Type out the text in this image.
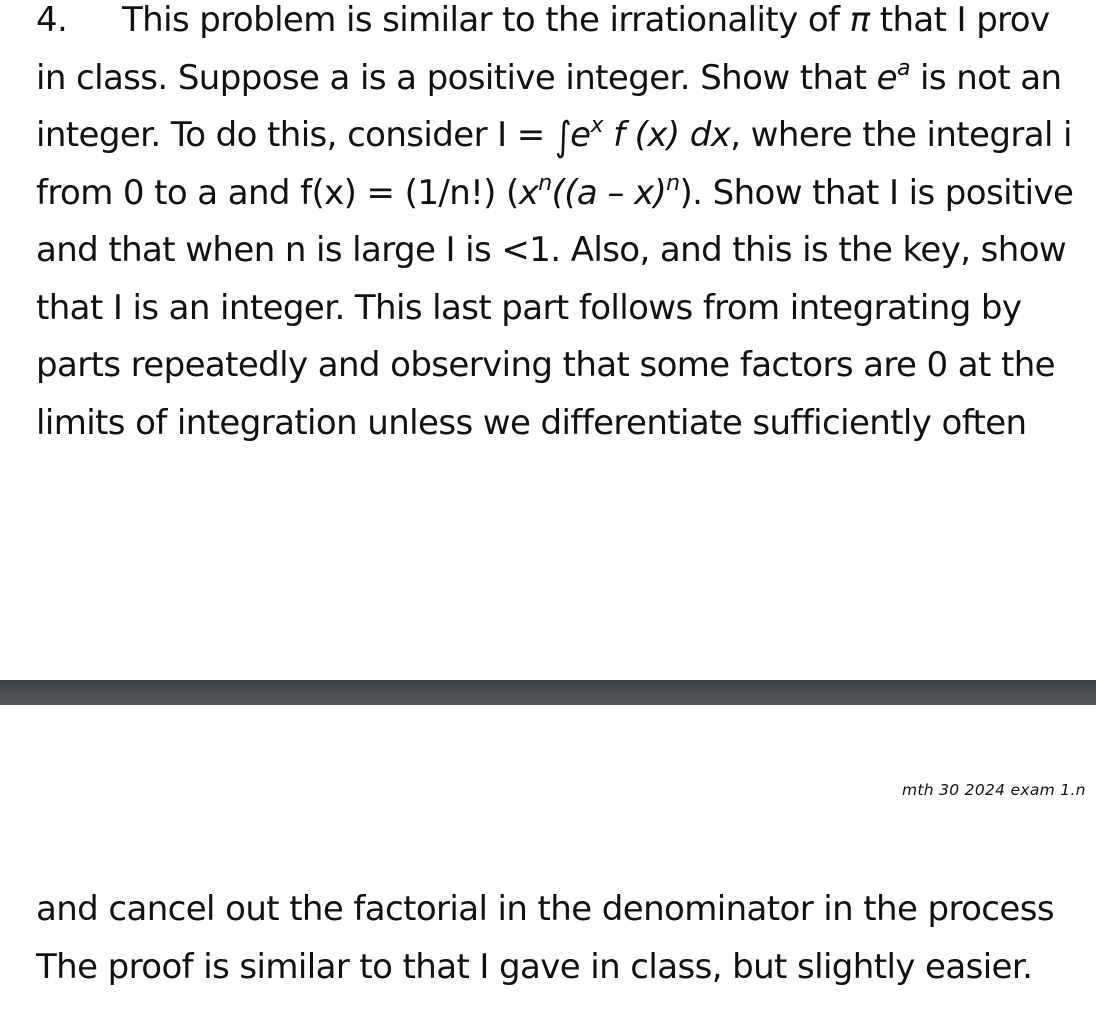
4. This problem is similar to the irrationality of π that I prov
in class. Suppose a is a positive integer. Show that $e^a$ is not an
integer. To do this, consider $I = \int e^x$ f (x) dx, where the integral i
from 0 to a and f(x) = (1/n!) ($x^n((a - x)^n)$. Show that I is positive
and that when n is large I is <1. Also, and this is the key, show
that I is an integer. This last part follows from integrating by
parts repeatedly and observing that some factors are 0 at the
limits of integration unless we differentiate sufficiently often
mth 30 2024 exam 1.n
and cancel out the factorial in the denominator in the process
The proof is similar to that I gave in class, but slightly easier.
